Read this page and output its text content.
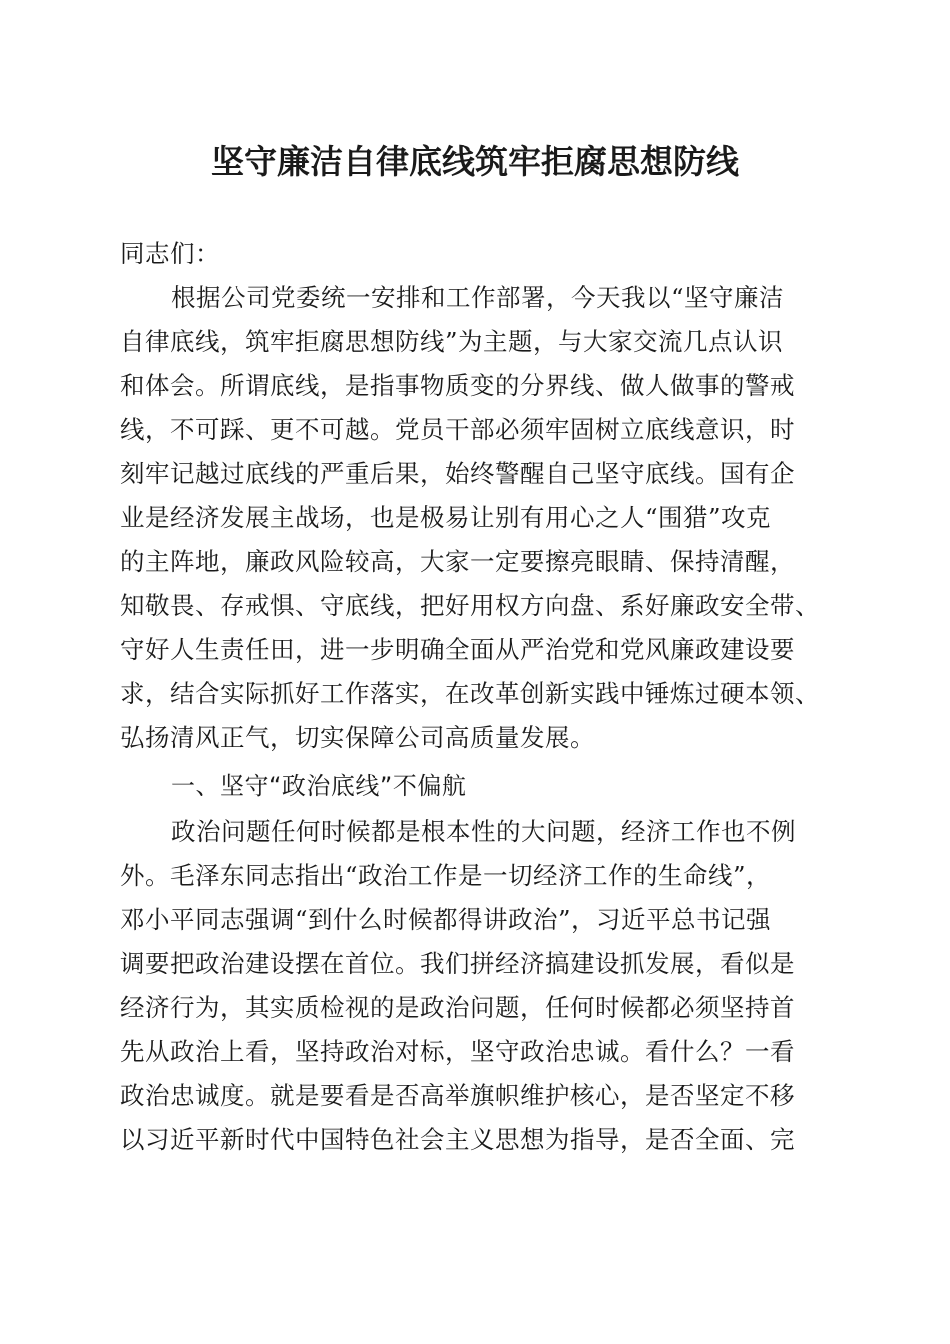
坚守廉洁自律底线筑牢拒腐思想防线
同志们：
根据公司党委统一安排和工作部署，今天我以“坚守廉洁
自律底线，筑牢拒腐思想防线”为主题，与大家交流几点认识
和体会。所谓底线，是指事物质变的分界线、做人做事的警戒
线，不可踩、更不可越。党员干部必须牢固树立底线意识，时
刻牢记越过底线的严重后果，始终警醒自己坚守底线。国有企
业是经济发展主战场，也是极易让别有用心之人“围猎”攻克
的主阵地，廉政风险较高，大家一定要擦亮眼睛、保持清醒，
知敬畏、存戒惧、守底线，把好用权方向盘、系好廉政安全带、
守好人生责任田，进一步明确全面从严治党和党风廉政建设要
求，结合实际抓好工作落实，在改革创新实践中锤炼过硬本领、
弘扬清风正气，切实保障公司高质量发展。
一、坚守“政治底线”不偏航
政治问题任何时候都是根本性的大问题，经济工作也不例
外。毛泽东同志指出“政治工作是一切经济工作的生命线”，
邓小平同志强调“到什么时候都得讲政治”，习近平总书记强
调要把政治建设摆在首位。我们拼经济搞建设抓发展，看似是
经济行为，其实质检视的是政治问题，任何时候都必须坚持首
先从政治上看，坚持政治对标，坚守政治忠诚。看什么？一看
政治忠诚度。就是要看是否高举旗帜维护核心，是否坚定不移
以习近平新时代中国特色社会主义思想为指导，是否全面、完
